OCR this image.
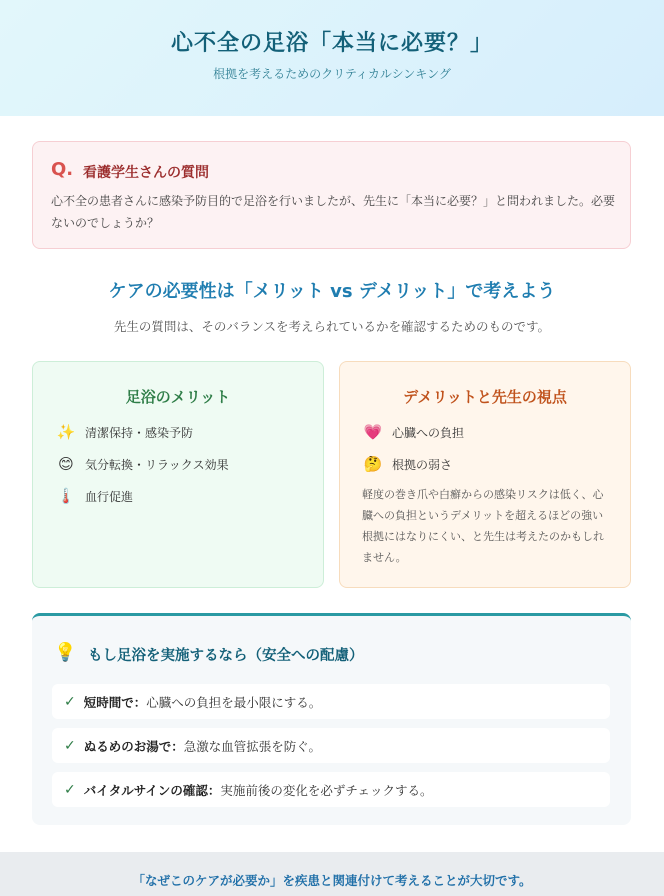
心不全の足浴「本当に必要？」
根拠を考えるためのクリティカルシンキング
Q. 看護学生さんの質問

心不全の患者さんに感染予防目的で足浴を行いましたが、先生に「本当に必要？」と問われました。必要ないのでしょうか？

ケアの必要性は「メリット vs デメリット」で考えよう

先生の質問は、そのバランスを考えられているかを確認するためのものです。

足浴のメリット
✨ 清潔保持・感染予防
😊 気分転換・リラックス効果
🌡️ 血行促進
デメリットと先生の視点
💗 心臓への負担
🤔 根拠の弱さ

軽度の巻き爪や白癬からの感染リスクは低く、心臓への負担というデメリットを超えるほどの強い根拠にはなりにくい、と先生は考えたのかもしれません。

💡 もし足浴を実施するなら（安全への配慮）
✓ 短時間で： 心臓への負担を最小限にする。
✓ ぬるめのお湯で： 急激な血管拡張を防ぐ。
✓ バイタルサインの確認： 実施前後の変化を必ずチェックする。
「なぜこのケアが必要か」を疾患と関連付けて考えることが大切です。
